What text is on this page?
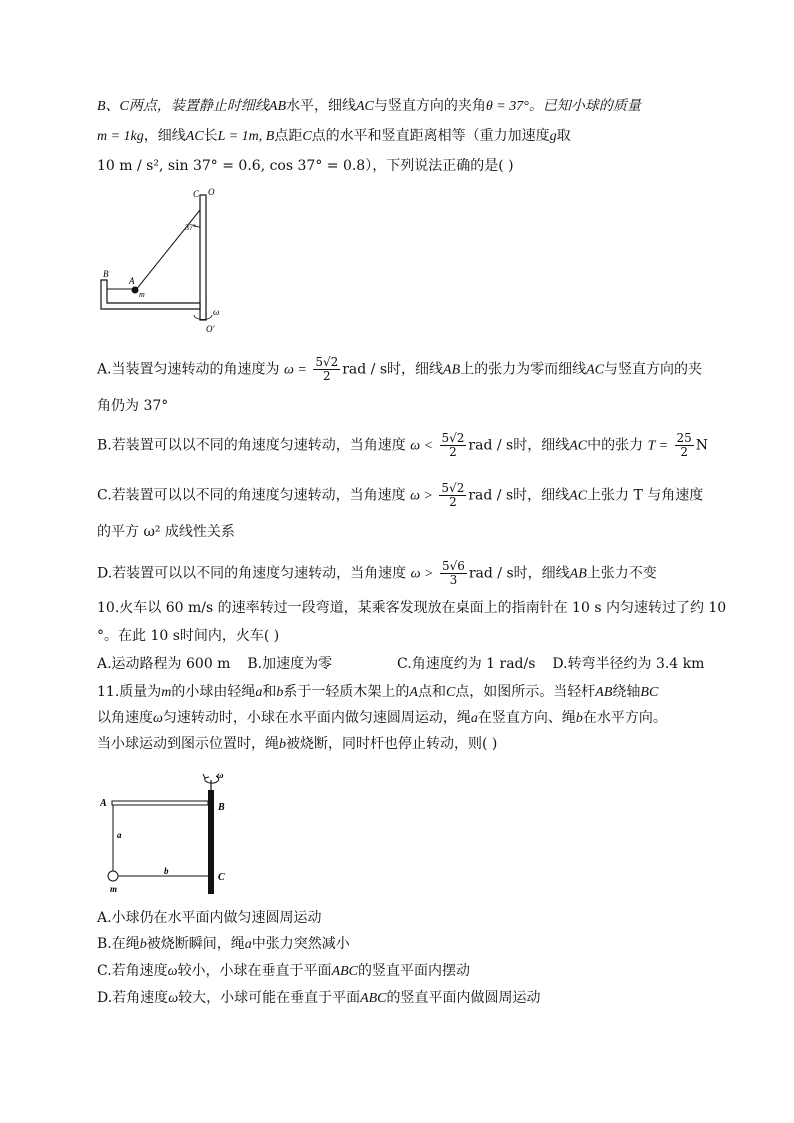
B、C两点，装置静止时细线AB水平，细线AC与竖直方向的夹角θ = 37°。已知小球的质量
m = 1kg，细线AC长L = 1m, B点距C点的水平和竖直距离相等（重力加速度g取
10 m / s², sin 37° = 0.6, cos 37° = 0.8），下列说法正确的是( )
C O
37°
A
m
B
ω
O′
A.当装置匀速转动的角速度为 $\omega = \frac{5√2}{2}$ rad / s时，细线AB上的张力为零而细线AC与竖直方向的夹
角仍为 37°
B.若装置可以以不同的角速度匀速转动，当角速度 $\omega < \frac{5√2}{2}$ rad / s时，细线AC中的张力 $T = \frac{25}{2}$ N
C.若装置可以以不同的角速度匀速转动，当角速度 $\omega > \frac{5√2}{2}$ rad / s时，细线AC上张力 T 与角速度
的平方 ω² 成线性关系
D.若装置可以以不同的角速度匀速转动，当角速度 $\omega > \frac{5√6}{3}$ rad / s时，细线AB上张力不变
10.火车以 60 m/s 的速率转过一段弯道，某乘客发现放在桌面上的指南针在 10 s 内匀速转过了约 10
°。在此 10 s时间内，火车( )
A.运动路程为 600 m B.加速度为零	C.角速度约为 1 rad/s D.转弯半径约为 3.4 km
11.质量为m的小球由轻绳a和b系于一轻质木架上的A点和C点，如图所示。当轻杆AB绕轴BC
以角速度ω匀速转动时，小球在水平面内做匀速圆周运动，绳a在竖直方向、绳b在水平方向。
当小球运动到图示位置时，绳b被烧断，同时杆也停止转动，则( )
ω
A	B
a
b
m
C
A.小球仍在水平面内做匀速圆周运动
B.在绳b被烧断瞬间，绳a中张力突然减小
C.若角速度ω较小，小球在垂直于平面ABC的竖直平面内摆动
D.若角速度ω较大，小球可能在垂直于平面ABC的竖直平面内做圆周运动
